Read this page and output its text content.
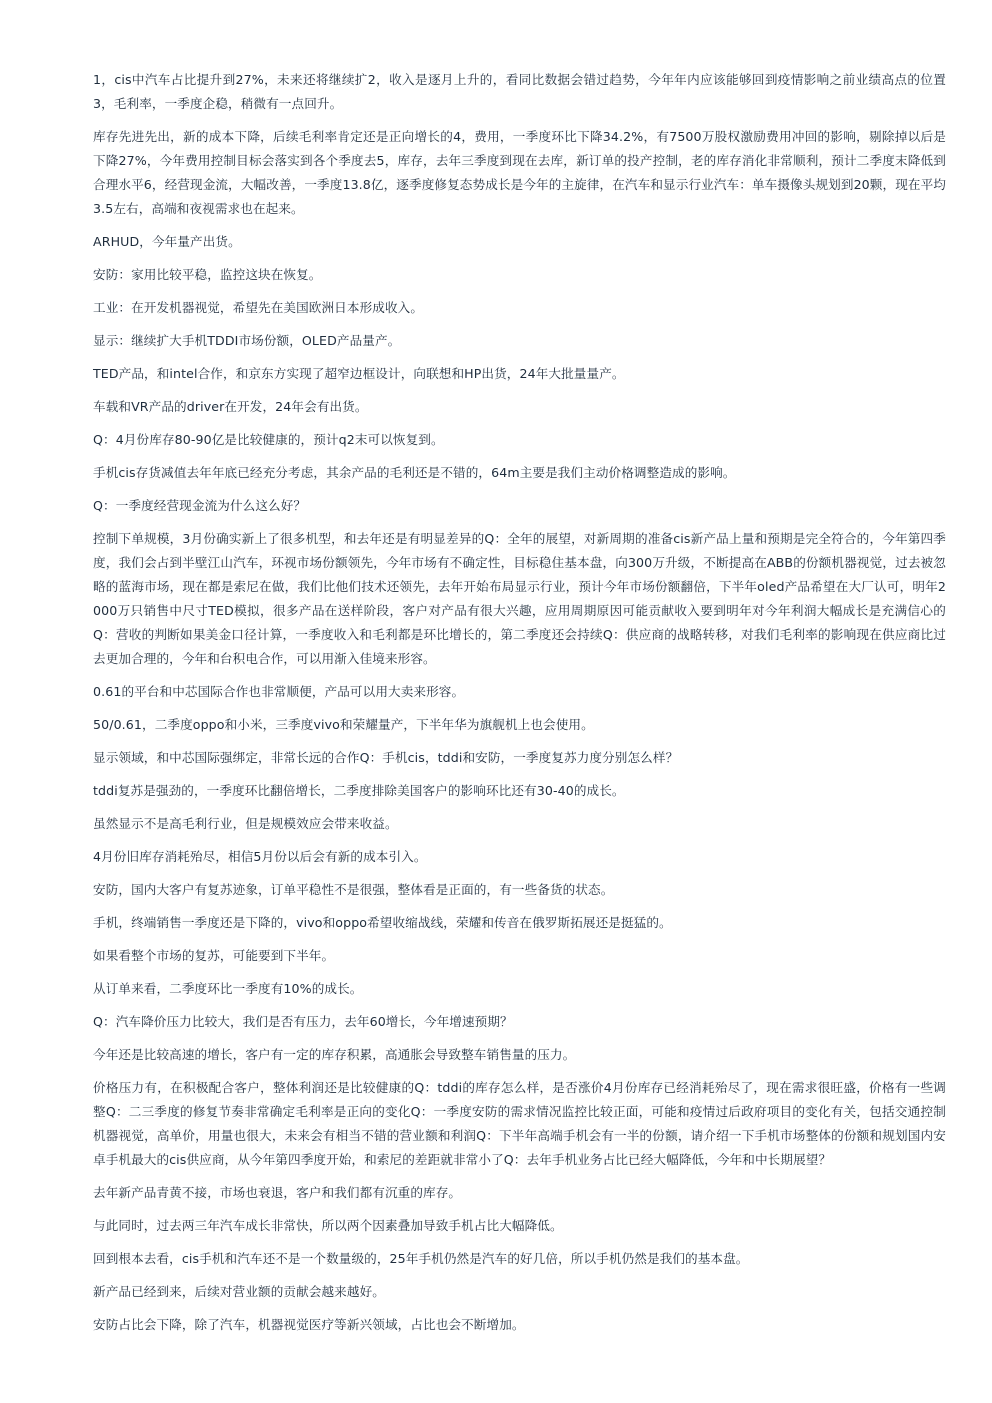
1，cis中汽车占比提升到27%，未来还将继续扩2，收入是逐月上升的，看同比数据会错过趋势，今年年内应该能够回到疫情影响之前业绩高点的位置3，毛利率，一季度企稳，稍微有一点回升。

库存先进先出，新的成本下降，后续毛利率肯定还是正向增长的4，费用，一季度环比下降34.2%，有7500万股权激励费用冲回的影响，剔除掉以后是下降27%，今年费用控制目标会落实到各个季度去5，库存，去年三季度到现在去库，新订单的投产控制，老的库存消化非常顺利，预计二季度末降低到合理水平6，经营现金流，大幅改善，一季度13.8亿，逐季度修复态势成长是今年的主旋律，在汽车和显示行业汽车：单车摄像头规划到20颗，现在平均3.5左右，高端和夜视需求也在起来。

ARHUD，今年量产出货。

安防：家用比较平稳，监控这块在恢复。

工业：在开发机器视觉，希望先在美国欧洲日本形成收入。

显示：继续扩大手机TDDI市场份额，OLED产品量产。

TED产品，和intel合作，和京东方实现了超窄边框设计，向联想和HP出货，24年大批量量产。

车载和VR产品的driver在开发，24年会有出货。

Q：4月份库存80-90亿是比较健康的，预计q2末可以恢复到。

手机cis存货减值去年年底已经充分考虑，其余产品的毛利还是不错的，64m主要是我们主动价格调整造成的影响。

Q：一季度经营现金流为什么这么好？

控制下单规模，3月份确实新上了很多机型，和去年还是有明显差异的Q：全年的展望，对新周期的准备cis新产品上量和预期是完全符合的，今年第四季度，我们会占到半壁江山汽车，环视市场份额领先，今年市场有不确定性，目标稳住基本盘，向300万升级，不断提高在ABB的份额机器视觉，过去被忽略的蓝海市场，现在都是索尼在做，我们比他们技术还领先，去年开始布局显示行业，预计今年市场份额翻倍，下半年oled产品希望在大厂认可，明年2000万只销售中尺寸TED模拟，很多产品在送样阶段，客户对产品有很大兴趣，应用周期原因可能贡献收入要到明年对今年利润大幅成长是充满信心的Q：营收的判断如果美金口径计算，一季度收入和毛利都是环比增长的，第二季度还会持续Q：供应商的战略转移，对我们毛利率的影响现在供应商比过去更加合理的，今年和台积电合作，可以用渐入佳境来形容。

0.61的平台和中芯国际合作也非常顺便，产品可以用大卖来形容。

50/0.61，二季度oppo和小米，三季度vivo和荣耀量产，下半年华为旗舰机上也会使用。

显示领域，和中芯国际强绑定，非常长远的合作Q：手机cis，tddi和安防，一季度复苏力度分别怎么样？

tddi复苏是强劲的，一季度环比翻倍增长，二季度排除美国客户的影响环比还有30-40的成长。

虽然显示不是高毛利行业，但是规模效应会带来收益。

4月份旧库存消耗殆尽，相信5月份以后会有新的成本引入。

安防，国内大客户有复苏迹象，订单平稳性不是很强，整体看是正面的，有一些备货的状态。

手机，终端销售一季度还是下降的，vivo和oppo希望收缩战线，荣耀和传音在俄罗斯拓展还是挺猛的。

如果看整个市场的复苏，可能要到下半年。

从订单来看，二季度环比一季度有10%的成长。

Q：汽车降价压力比较大，我们是否有压力，去年60增长，今年增速预期？

今年还是比较高速的增长，客户有一定的库存积累，高通胀会导致整车销售量的压力。

价格压力有，在积极配合客户，整体利润还是比较健康的Q：tddi的库存怎么样，是否涨价4月份库存已经消耗殆尽了，现在需求很旺盛，价格有一些调整Q：二三季度的修复节奏非常确定毛利率是正向的变化Q：一季度安防的需求情况监控比较正面，可能和疫情过后政府项目的变化有关，包括交通控制机器视觉，高单价，用量也很大，未来会有相当不错的营业额和利润Q：下半年高端手机会有一半的份额，请介绍一下手机市场整体的份额和规划国内安卓手机最大的cis供应商，从今年第四季度开始，和索尼的差距就非常小了Q：去年手机业务占比已经大幅降低，今年和中长期展望？

去年新产品青黄不接，市场也衰退，客户和我们都有沉重的库存。

与此同时，过去两三年汽车成长非常快，所以两个因素叠加导致手机占比大幅降低。

回到根本去看，cis手机和汽车还不是一个数量级的，25年手机仍然是汽车的好几倍，所以手机仍然是我们的基本盘。

新产品已经到来，后续对营业额的贡献会越来越好。

安防占比会下降，除了汽车，机器视觉医疗等新兴领域，占比也会不断增加。
